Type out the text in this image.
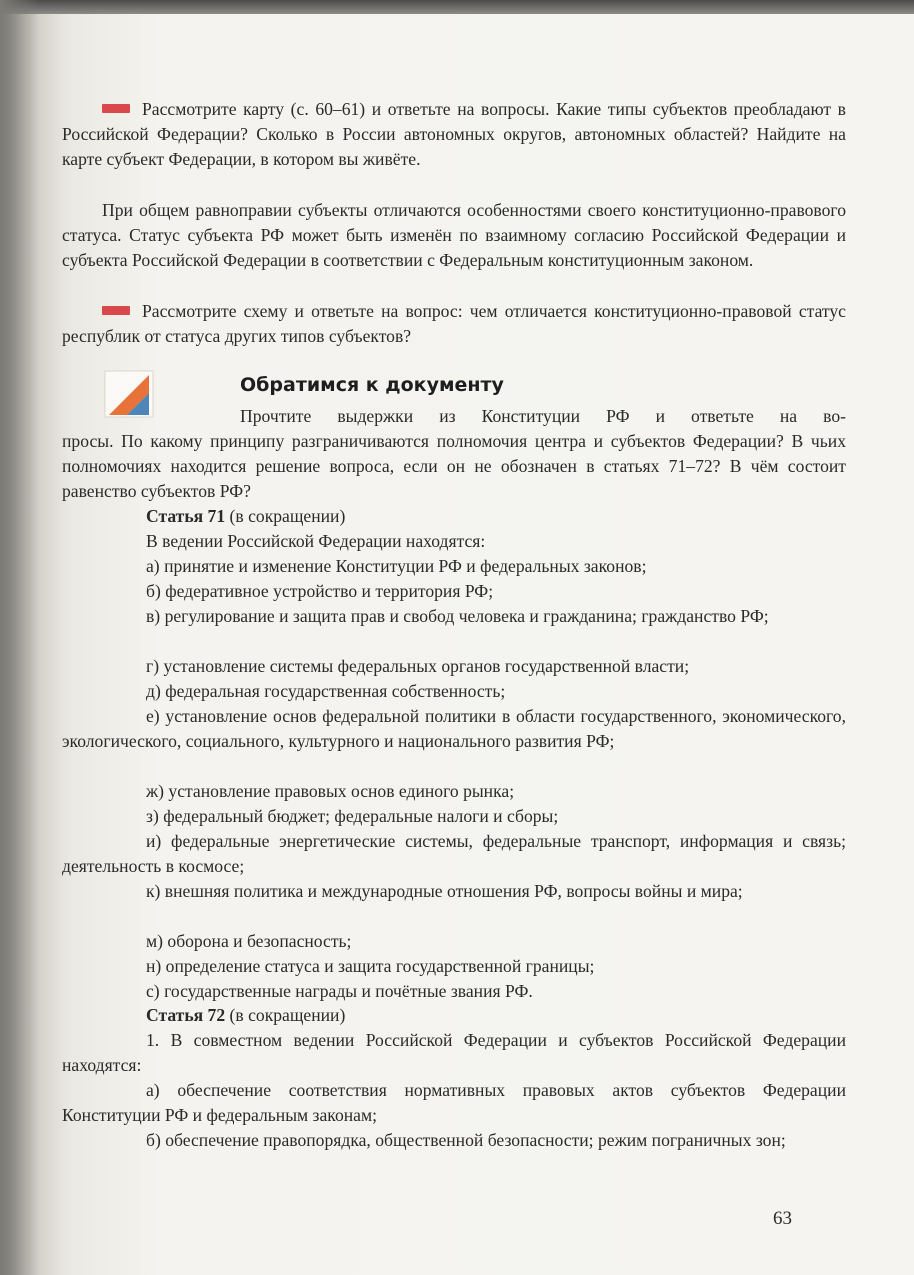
Рассмотрите карту (с. 60–61) и ответьте на вопросы. Какие типы субъектов преобладают в Российской Федерации? Сколько в России автономных округов, автономных областей? Найдите на карте субъект Федерации, в котором вы живёте.
При общем равноправии субъекты отличаются особенностями своего конституционно-правового статуса. Статус субъекта РФ может быть изменён по взаимному согласию Российской Федерации и субъекта Российской Федерации в соответствии с Федеральным конституционным законом.
Рассмотрите схему и ответьте на вопрос: чем отличается конституционно-правовой статус республик от статуса других типов субъектов?
Обратимся к документу
Прочтите выдержки из Конституции РФ и ответьте на во-
просы. По какому принципу разграничиваются полномочия центра и субъектов Федерации? В чьих полномочиях находится решение вопроса, если он не обозначен в статьях 71–72? В чём состоит равенство субъектов РФ?
Статья 71 (в сокращении)
В ведении Российской Федерации находятся:
а) принятие и изменение Конституции РФ и федеральных законов;
б) федеративное устройство и территория РФ;
в) регулирование и защита прав и свобод человека и гражданина; гражданство РФ;
г) установление системы федеральных органов государственной власти;
д) федеральная государственная собственность;
е) установление основ федеральной политики в области государственного, экономического, экологического, социального, культурного и национального развития РФ;
ж) установление правовых основ единого рынка;
з) федеральный бюджет; федеральные налоги и сборы;
и) федеральные энергетические системы, федеральные транспорт, информация и связь; деятельность в космосе;
к) внешняя политика и международные отношения РФ, вопросы войны и мира;
м) оборона и безопасность;
н) определение статуса и защита государственной границы;
с) государственные награды и почётные звания РФ.
Статья 72 (в сокращении)
1. В совместном ведении Российской Федерации и субъектов Российской Федерации находятся:
а) обеспечение соответствия нормативных правовых актов субъектов Федерации Конституции РФ и федеральным законам;
б) обеспечение правопорядка, общественной безопасности; режим пограничных зон;
63
